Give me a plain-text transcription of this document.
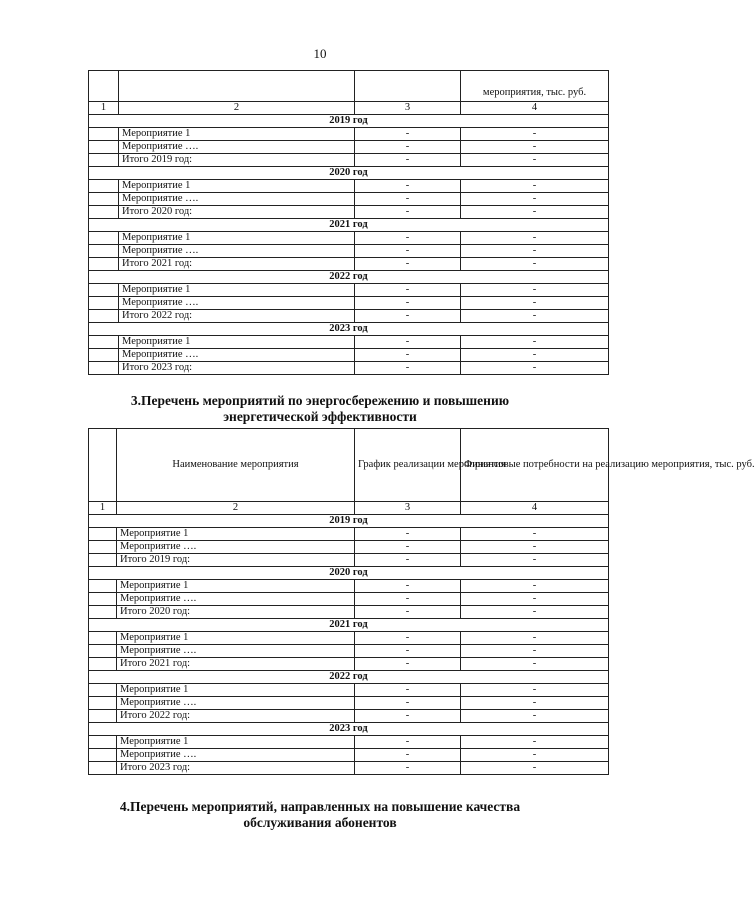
10
			мероприятия, тыс. руб.
1	2	3	4
2019 год			
	Мероприятие 1	-	-
	Мероприятие ….	-	-
	Итого 2019 год:	-	-
2020 год			
	Мероприятие 1	-	-
	Мероприятие ….	-	-
	Итого 2020 год:	-	-
2021 год			
	Мероприятие 1	-	-
	Мероприятие ….	-	-
	Итого 2021 год:	-	-
2022 год			
	Мероприятие 1	-	-
	Мероприятие ….	-	-
	Итого 2022 год:	-	-
2023 год			
	Мероприятие 1	-	-
	Мероприятие ….	-	-
	Итого 2023 год:	-	-
3.Перечень мероприятий по энергосбережению и повышению
энергетической эффективности
	Наименование мероприятия	График реализации мероприятия	Финансовые потребности на реализацию мероприятия, тыс. руб.
1	2	3	4
2019 год			
	Мероприятие 1	-	-
	Мероприятие ….	-	-
	Итого 2019 год:	-	-
2020 год			
	Мероприятие 1	-	-
	Мероприятие ….	-	-
	Итого 2020 год:	-	-
2021 год			
	Мероприятие 1	-	-
	Мероприятие ….	-	-
	Итого 2021 год:	-	-
2022 год			
	Мероприятие 1	-	-
	Мероприятие ….	-	-
	Итого 2022 год:	-	-
2023 год			
	Мероприятие 1	-	-
	Мероприятие ….	-	-
	Итого 2023 год:	-	-
4.Перечень мероприятий, направленных на повышение качества
обслуживания абонентов
